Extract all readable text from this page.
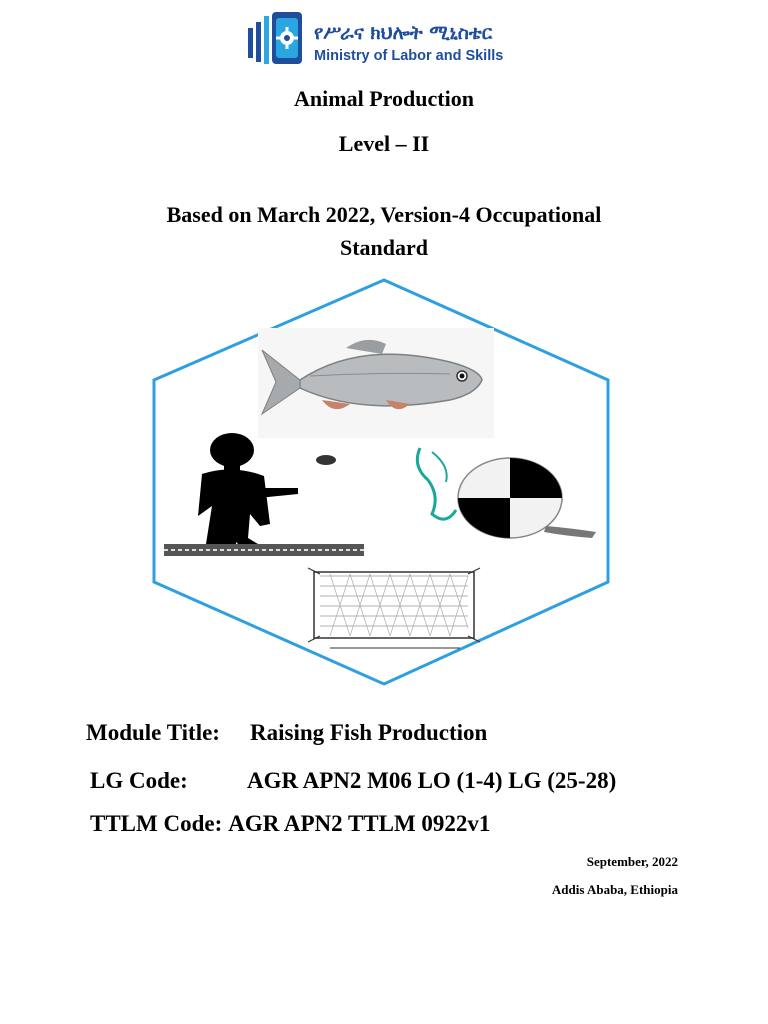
የሥራና ክህሎት ሚኒስቴር
Ministry of Labor and Skills
Animal Production
Level – II
Based on March 2022, Version-4 Occupational
Standard
Module Title: Raising Fish Production
LG Code:	AGR APN2 M06 LO (1-4) LG (25-28)
TTLM Code: AGR APN2 TTLM 0922v1
September, 2022
Addis Ababa, Ethiopia
